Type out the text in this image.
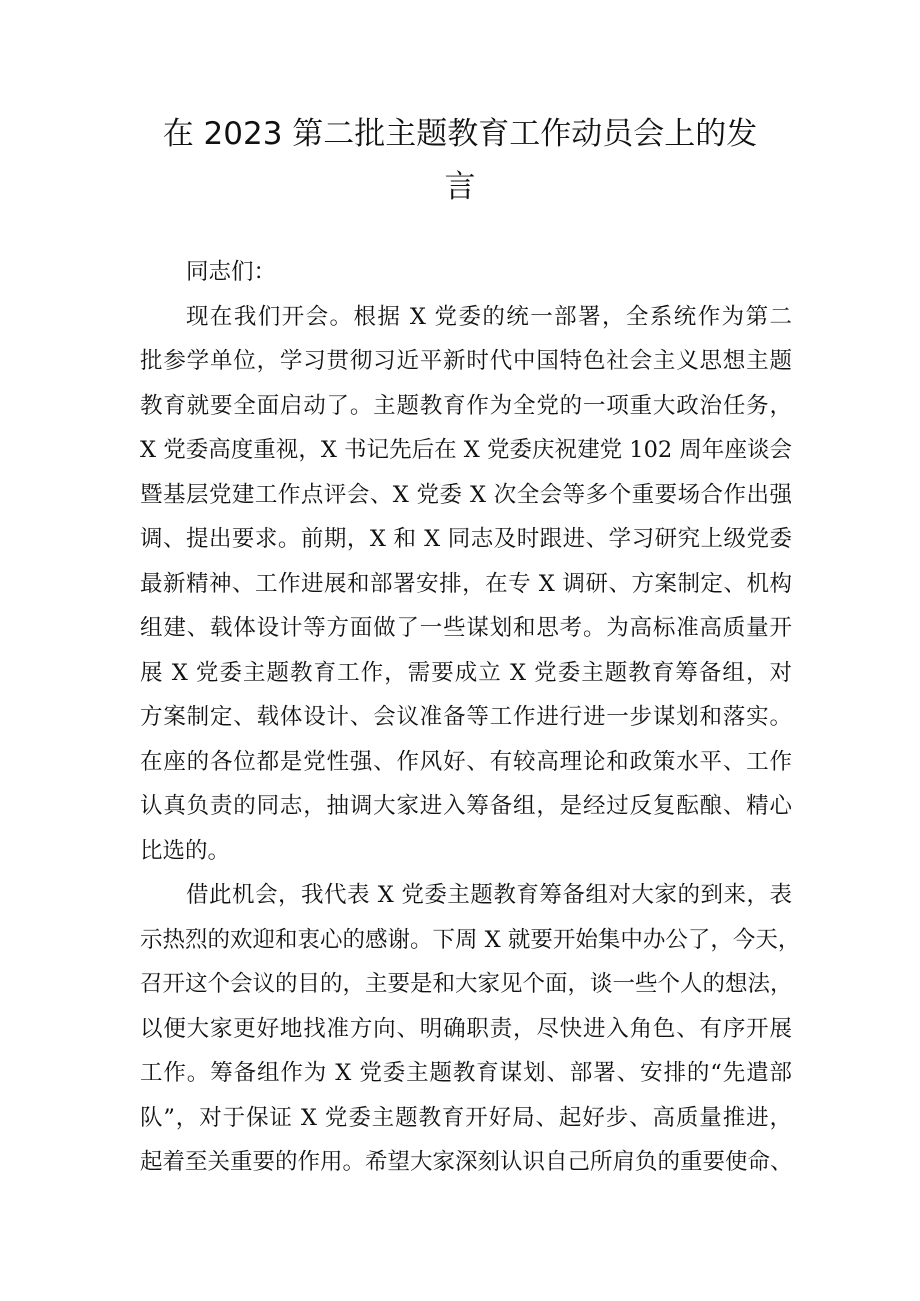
在 2023 第二批主题教育工作动员会上的发
言

同志们：

现在我们开会。根据 X 党委的统一部署，全系统作为第二

批参学单位，学习贯彻习近平新时代中国特色社会主义思想主题

教育就要全面启动了。主题教育作为全党的一项重大政治任务，

X 党委高度重视，X 书记先后在 X 党委庆祝建党 102 周年座谈会

暨基层党建工作点评会、X 党委 X 次全会等多个重要场合作出强

调、提出要求。前期，X 和 X 同志及时跟进、学习研究上级党委

最新精神、工作进展和部署安排，在专 X 调研、方案制定、机构

组建、载体设计等方面做了一些谋划和思考。为高标准高质量开

展 X 党委主题教育工作，需要成立 X 党委主题教育筹备组，对

方案制定、载体设计、会议准备等工作进行进一步谋划和落实。

在座的各位都是党性强、作风好、有较高理论和政策水平、工作

认真负责的同志，抽调大家进入筹备组，是经过反复酝酿、精心

比选的。

借此机会，我代表 X 党委主题教育筹备组对大家的到来，表

示热烈的欢迎和衷心的感谢。下周 X 就要开始集中办公了，今天，

召开这个会议的目的，主要是和大家见个面，谈一些个人的想法，

以便大家更好地找准方向、明确职责，尽快进入角色、有序开展

工作。筹备组作为 X 党委主题教育谋划、部署、安排的“先遣部

队”，对于保证 X 党委主题教育开好局、起好步、高质量推进，

起着至关重要的作用。希望大家深刻认识自己所肩负的重要使命、
